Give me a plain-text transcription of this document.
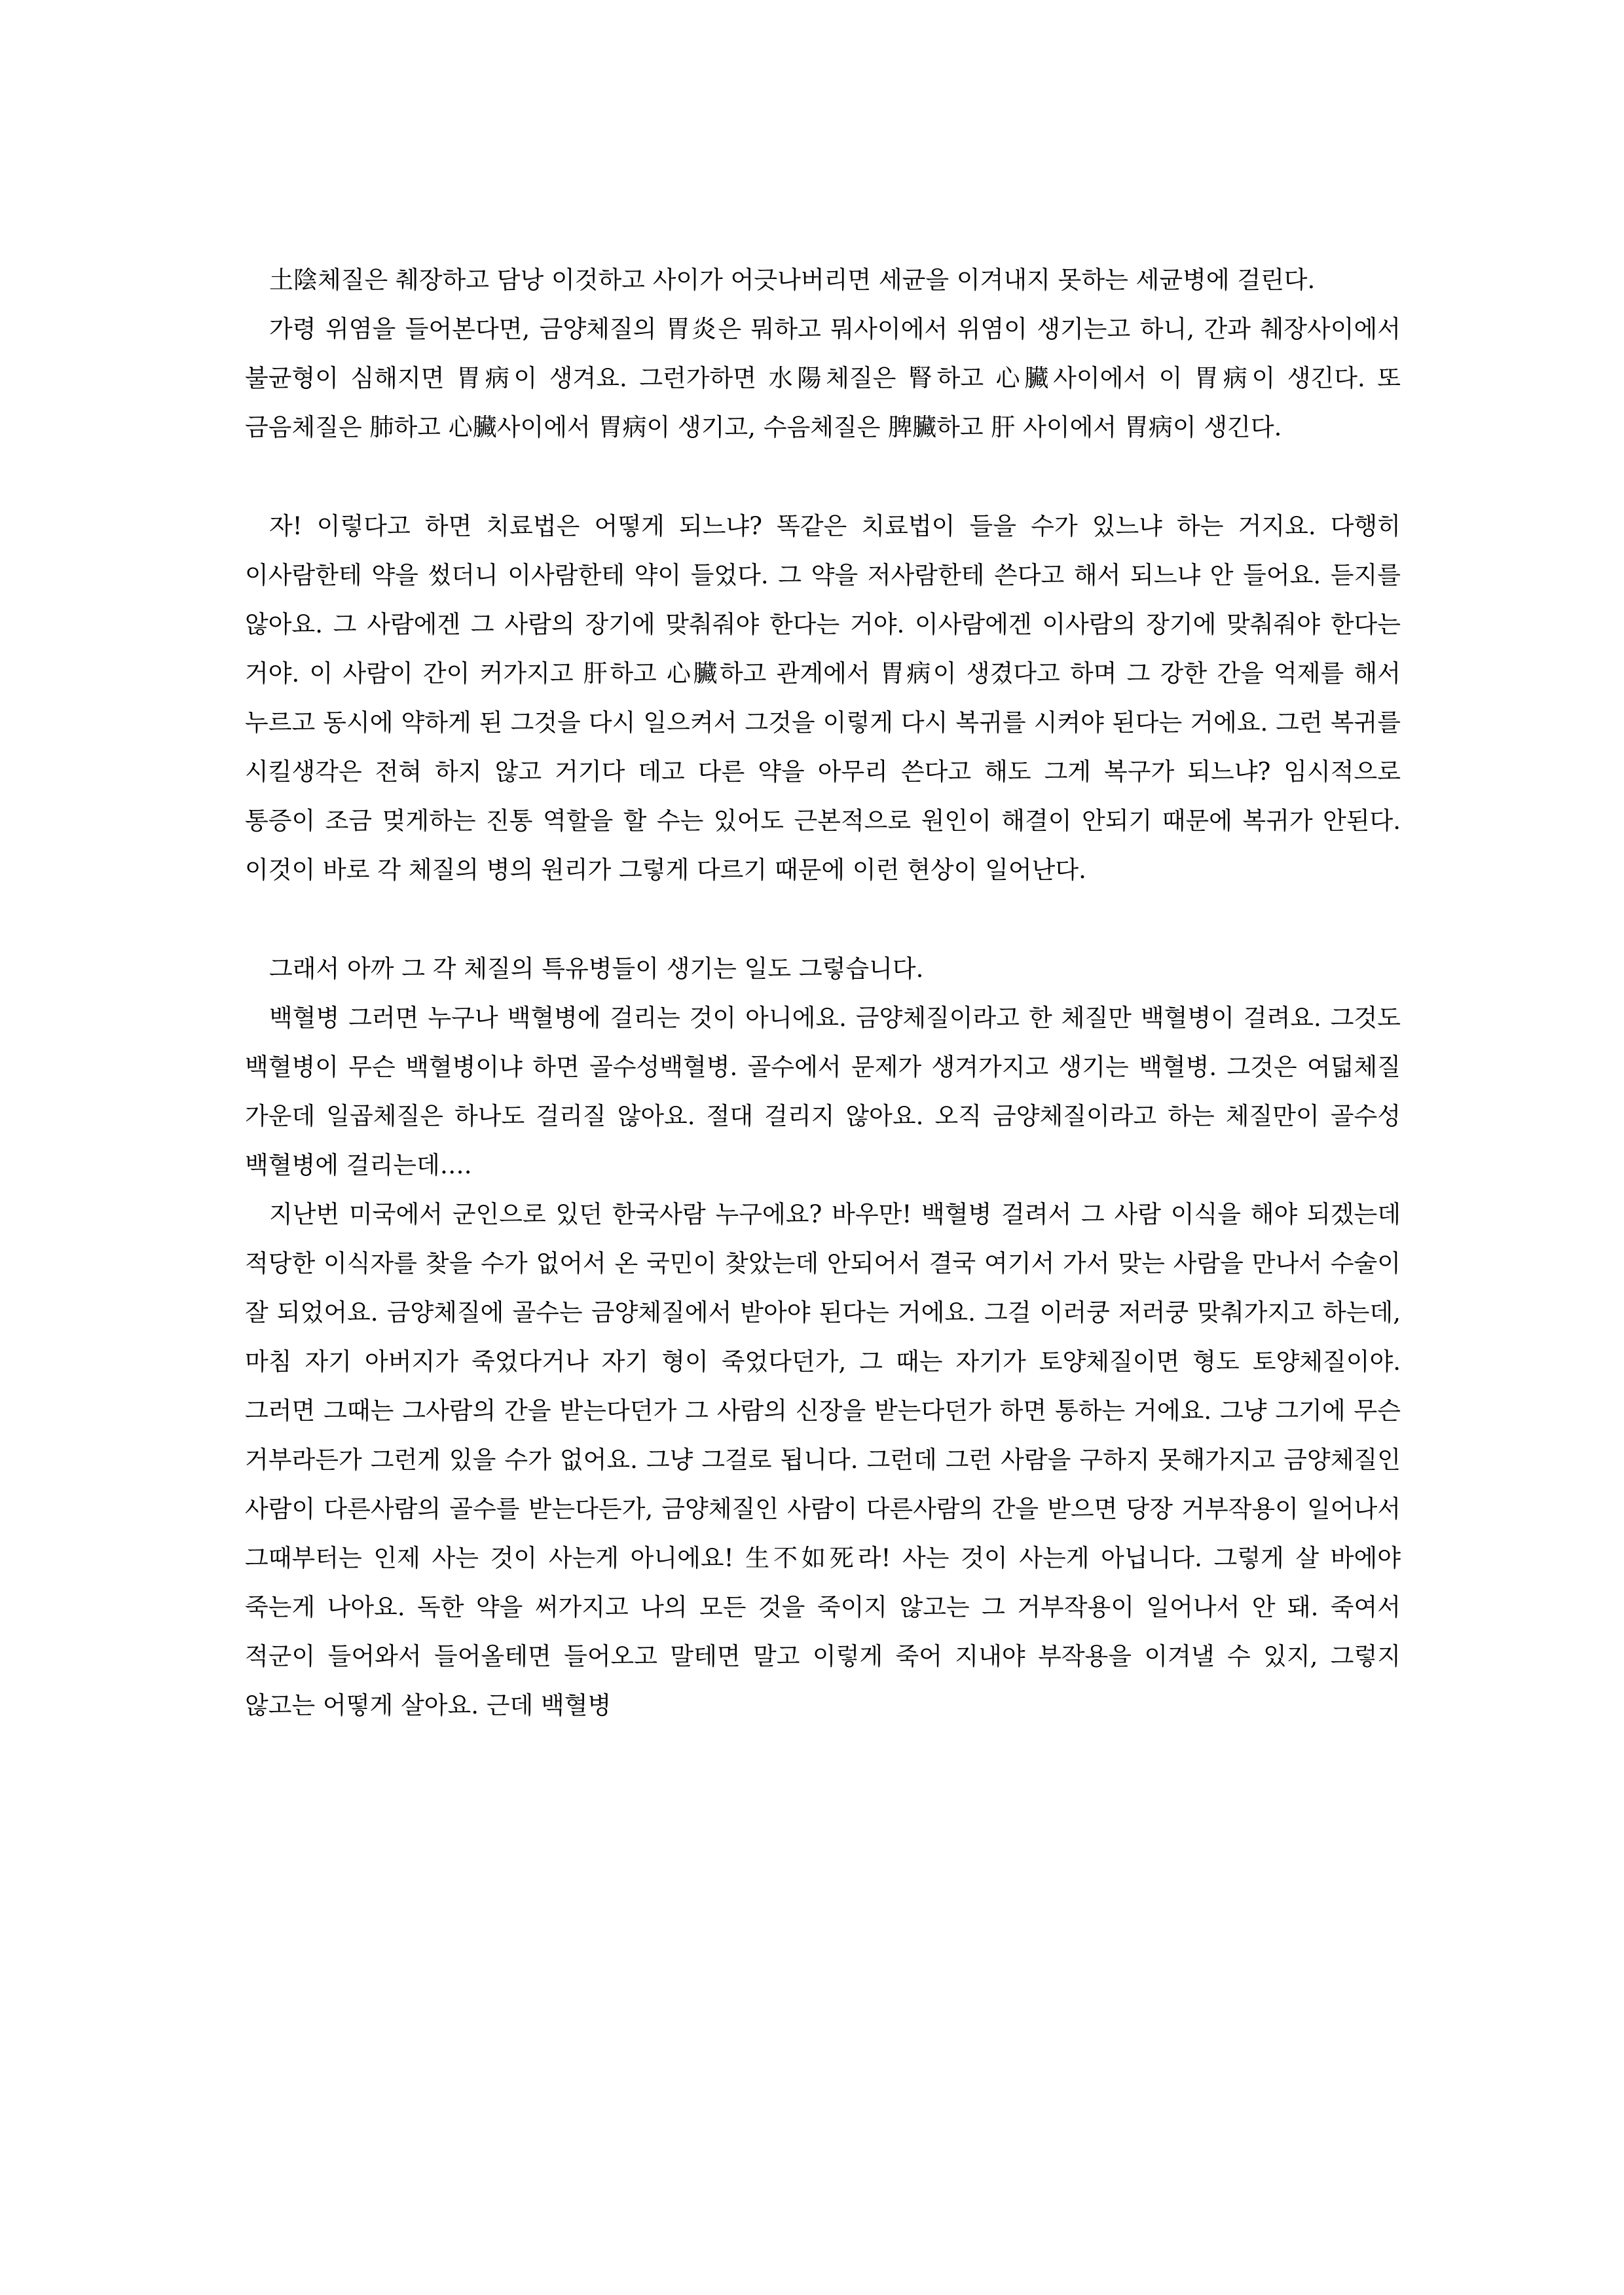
土陰체질은 췌장하고 담낭 이것하고 사이가 어긋나버리면 세균을 이겨내지 못하는 세균병에 걸린다.

가령 위염을 들어본다면, 금양체질의 胃炎은 뭐하고 뭐사이에서 위염이 생기는고 하니, 간과 췌장사이에서 불균형이 심해지면 胃病이 생겨요. 그런가하면 水陽체질은 腎하고 心臟사이에서 이 胃病이 생긴다. 또 금음체질은 肺하고 心臟사이에서 胃病이 생기고, 수음체질은 脾臟하고 肝 사이에서 胃病이 생긴다.

자! 이렇다고 하면 치료법은 어떻게 되느냐? 똑같은 치료법이 들을 수가 있느냐 하는 거지요. 다행히 이사람한테 약을 썼더니 이사람한테 약이 들었다. 그 약을 저사람한테 쓴다고 해서 되느냐 안 들어요. 듣지를 않아요. 그 사람에겐 그 사람의 장기에 맞춰줘야 한다는 거야. 이사람에겐 이사람의 장기에 맞춰줘야 한다는 거야. 이 사람이 간이 커가지고 肝하고 心臟하고 관계에서 胃病이 생겼다고 하며 그 강한 간을 억제를 해서 누르고 동시에 약하게 된 그것을 다시 일으켜서 그것을 이렇게 다시 복귀를 시켜야 된다는 거에요. 그런 복귀를 시킬생각은 전혀 하지 않고 거기다 데고 다른 약을 아무리 쓴다고 해도 그게 복구가 되느냐? 임시적으로 통증이 조금 멎게하는 진통 역할을 할 수는 있어도 근본적으로 원인이 해결이 안되기 때문에 복귀가 안된다. 이것이 바로 각 체질의 병의 원리가 그렇게 다르기 때문에 이런 현상이 일어난다.

그래서 아까 그 각 체질의 특유병들이 생기는 일도 그렇습니다.

백혈병 그러면 누구나 백혈병에 걸리는 것이 아니에요. 금양체질이라고 한 체질만 백혈병이 걸려요. 그것도 백혈병이 무슨 백혈병이냐 하면 골수성백혈병. 골수에서 문제가 생겨가지고 생기는 백혈병. 그것은 여덟체질 가운데 일곱체질은 하나도 걸리질 않아요. 절대 걸리지 않아요. 오직 금양체질이라고 하는 체질만이 골수성 백혈병에 걸리는데….

지난번 미국에서 군인으로 있던 한국사람 누구에요? 바우만! 백혈병 걸려서 그 사람 이식을 해야 되겠는데 적당한 이식자를 찾을 수가 없어서 온 국민이 찾았는데 안되어서 결국 여기서 가서 맞는 사람을 만나서 수술이 잘 되었어요. 금양체질에 골수는 금양체질에서 받아야 된다는 거에요. 그걸 이러쿵 저러쿵 맞춰가지고 하는데, 마침 자기 아버지가 죽었다거나 자기 형이 죽었다던가, 그 때는 자기가 토양체질이면 형도 토양체질이야. 그러면 그때는 그사람의 간을 받는다던가 그 사람의 신장을 받는다던가 하면 통하는 거에요. 그냥 그기에 무슨 거부라든가 그런게 있을 수가 없어요. 그냥 그걸로 됩니다. 그런데 그런 사람을 구하지 못해가지고 금양체질인 사람이 다른사람의 골수를 받는다든가, 금양체질인 사람이 다른사람의 간을 받으면 당장 거부작용이 일어나서 그때부터는 인제 사는 것이 사는게 아니에요! 生不如死라! 사는 것이 사는게 아닙니다. 그렇게 살 바에야 죽는게 나아요. 독한 약을 써가지고 나의 모든 것을 죽이지 않고는 그 거부작용이 일어나서 안 돼. 죽여서 적군이 들어와서 들어올테면 들어오고 말테면 말고 이렇게 죽어 지내야 부작용을 이겨낼 수 있지, 그렇지 않고는 어떻게 살아요. 근데 백혈병
